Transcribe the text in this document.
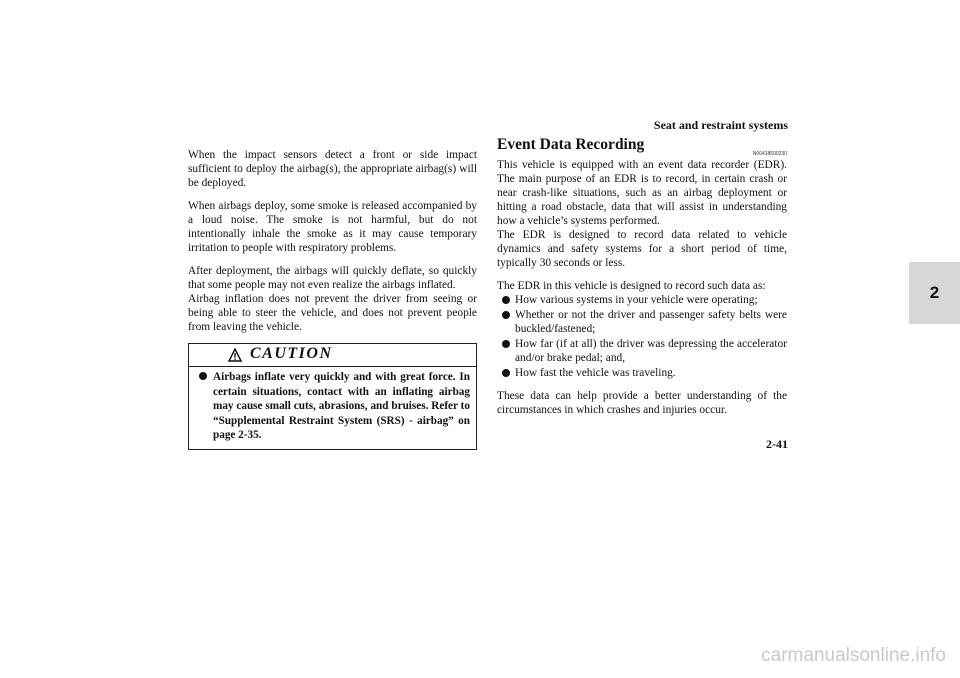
Seat and restraint systems
2

When the impact sensors detect a front or side impact sufficient to deploy the airbag(s), the appropriate airbag(s) will be deployed.

When airbags deploy, some smoke is released accompanied by a loud noise. The smoke is not harmful, but do not intentionally inhale the smoke as it may cause temporary irritation to people with respiratory problems.

After deployment, the airbags will quickly deflate, so quickly that some people may not even realize the airbags inflated.

Airbag inflation does not prevent the driver from seeing or being able to steer the vehicle, and does not prevent people from leaving the vehicle.

CAUTION
Airbags inflate very quickly and with great force. In certain situations, contact with an inflating airbag may cause small cuts, abrasions, and bruises. Refer to “Supplemental Restraint System (SRS) - airbag” on page 2-35.
Event Data Recording
N00418600230

This vehicle is equipped with an event data recorder (EDR). The main purpose of an EDR is to record, in certain crash or near crash-like situations, such as an airbag deployment or hitting a road obstacle, data that will assist in understanding how a vehicle’s systems performed.

The EDR is designed to record data related to vehicle dynamics and safety systems for a short period of time, typically 30 seconds or less.

The EDR in this vehicle is designed to record such data as:

How various systems in your vehicle were operating;
Whether or not the driver and passenger safety belts were buckled/fastened;
How far (if at all) the driver was depressing the accelerator and/or brake pedal; and,
How fast the vehicle was traveling.

These data can help provide a better understanding of the circumstances in which crashes and injuries occur.

2-41
carmanualsonline.info
